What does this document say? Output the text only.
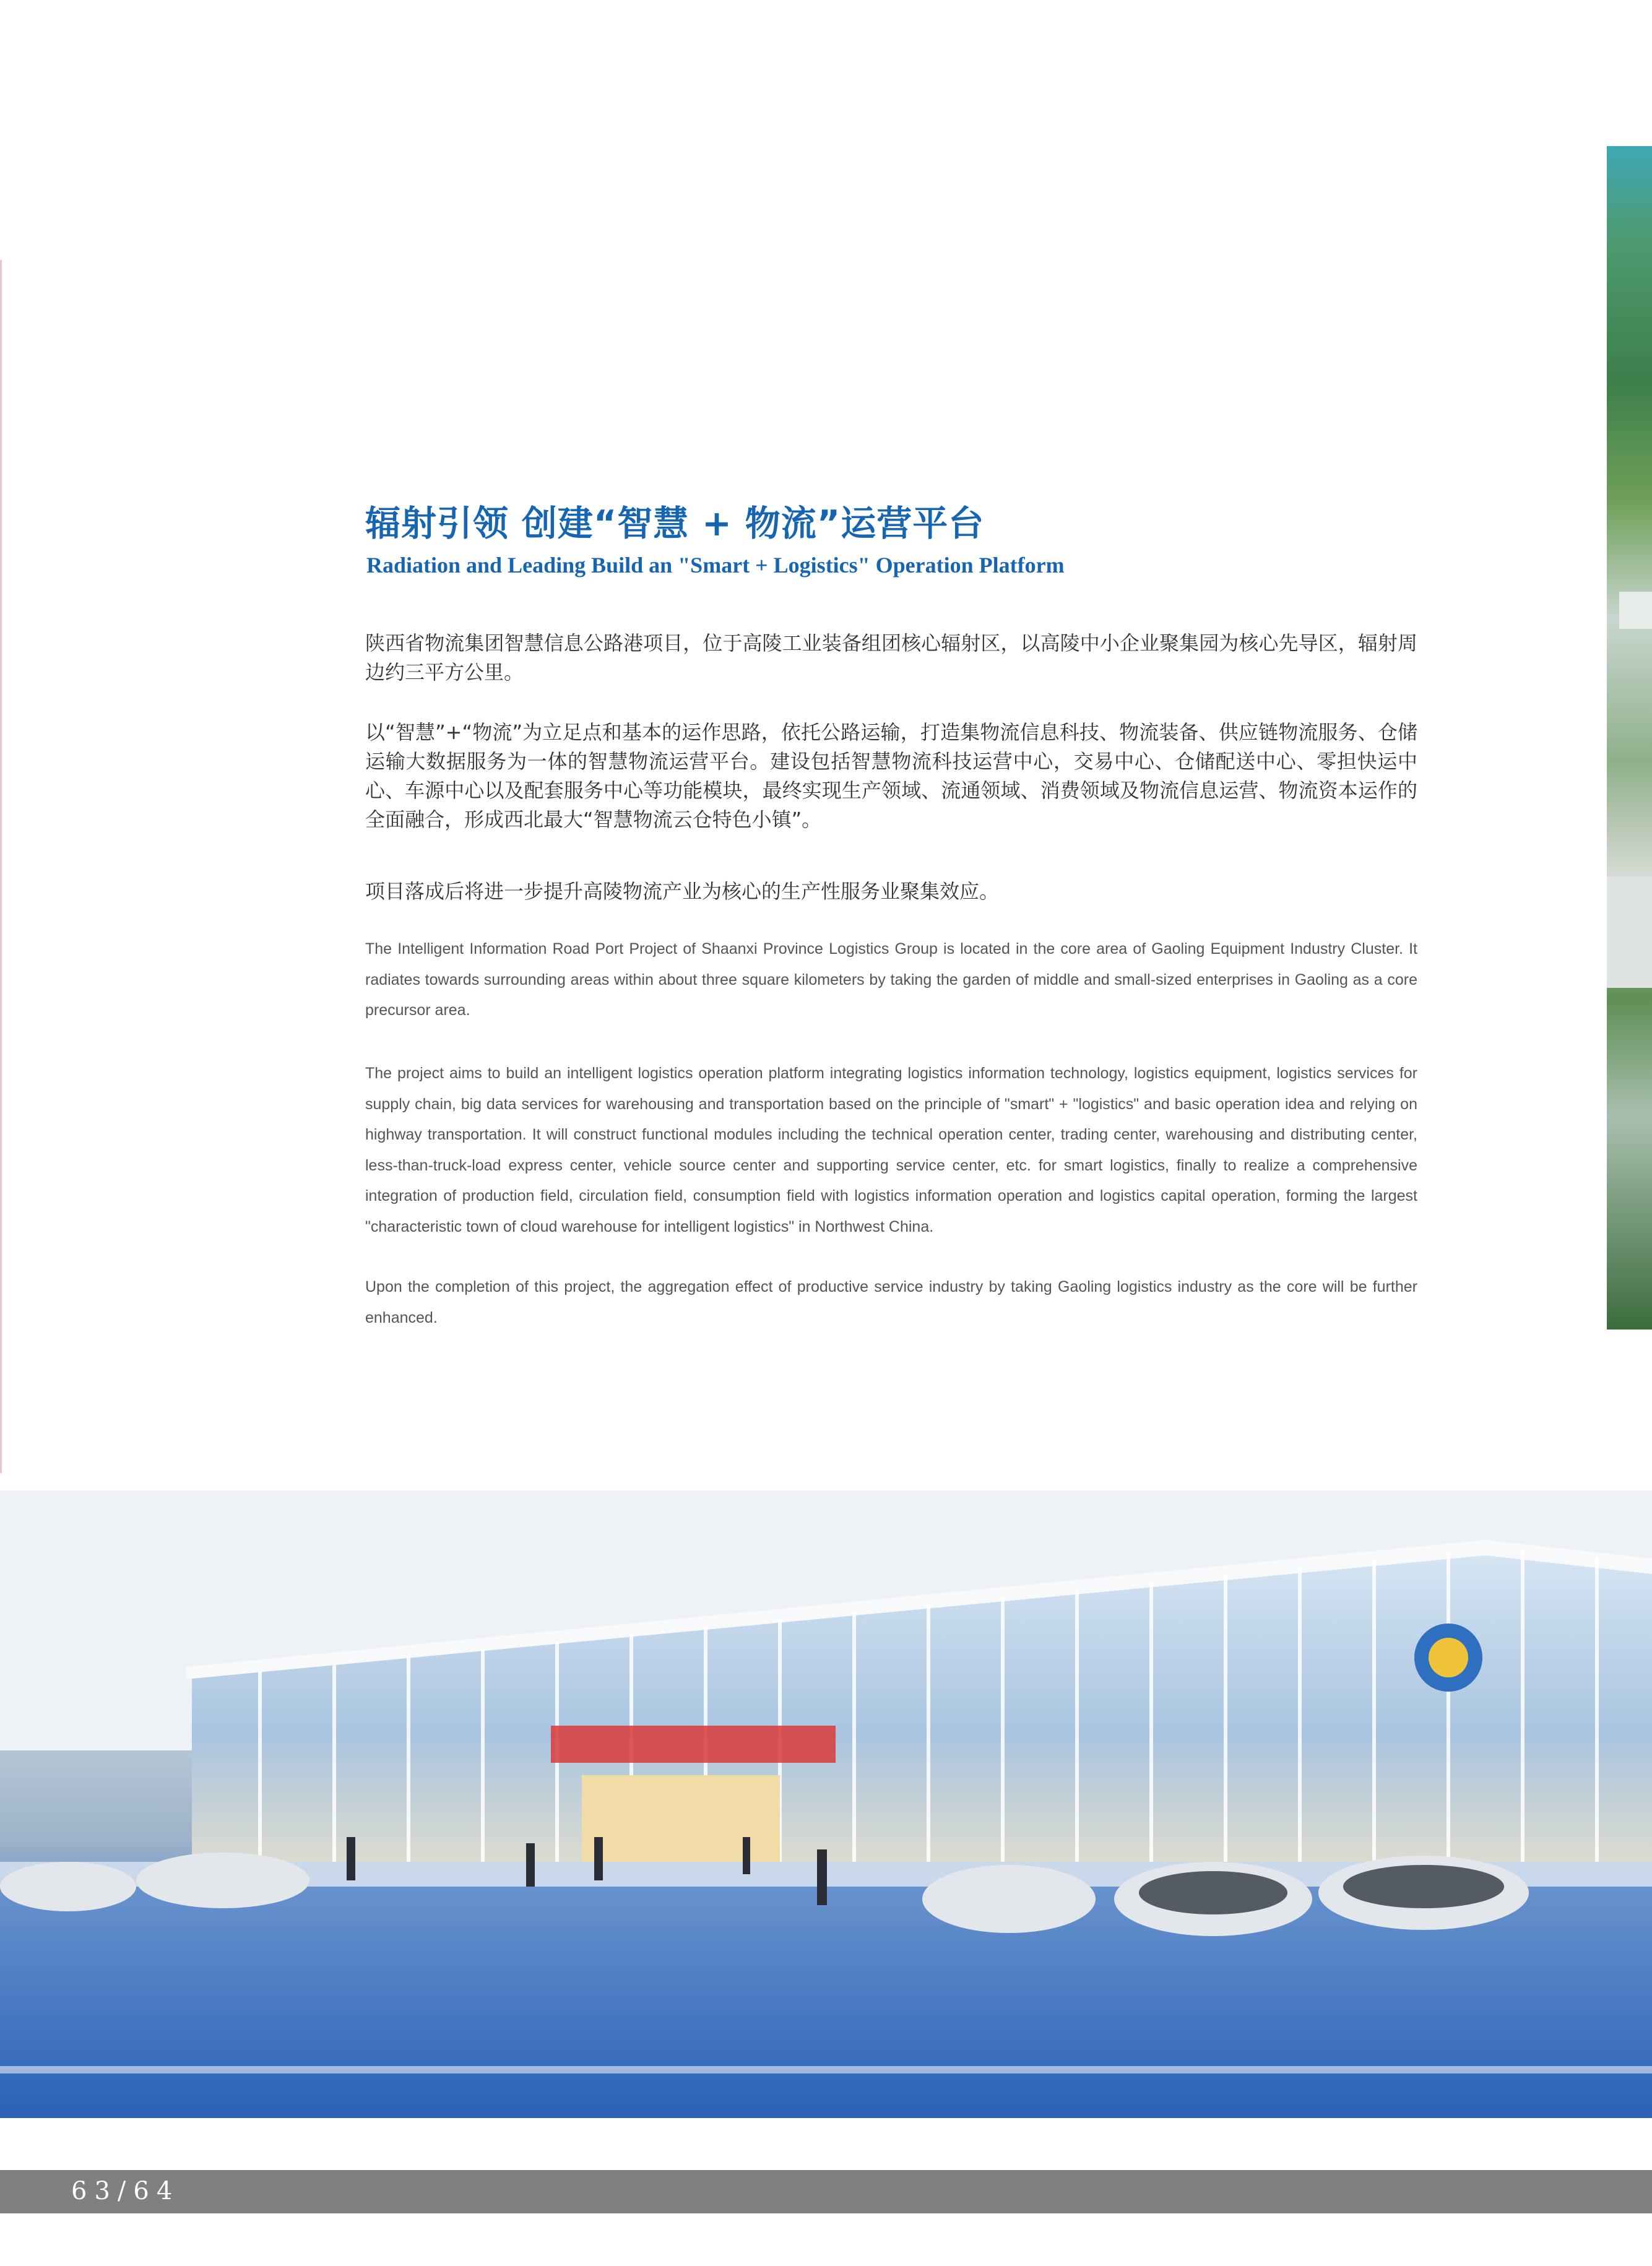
辐射引领 创建“智慧 + 物流”运营平台
Radiation and Leading Build an "Smart + Logistics" Operation Platform

陕西省物流集团智慧信息公路港项目，位于高陵工业装备组团核心辐射区，以高陵中小企业聚集园为核心先导区，辐射周边约三平方公里。

以“智慧”+“物流”为立足点和基本的运作思路，依托公路运输，打造集物流信息科技、物流装备、供应链物流服务、仓储运输大数据服务为一体的智慧物流运营平台。建设包括智慧物流科技运营中心，交易中心、仓储配送中心、零担快运中心、车源中心以及配套服务中心等功能模块，最终实现生产领域、流通领域、消费领域及物流信息运营、物流资本运作的全面融合，形成西北最大“智慧物流云仓特色小镇”。

项目落成后将进一步提升高陵物流产业为核心的生产性服务业聚集效应。

The Intelligent Information Road Port Project of Shaanxi Province Logistics Group is located in the core area of Gaoling Equipment Industry Cluster. It radiates towards surrounding areas within about three square kilometers by taking the garden of middle and small-sized enterprises in Gaoling as a core precursor area.

The project aims to build an intelligent logistics operation platform integrating logistics information technology, logistics equipment, logistics services for supply chain, big data services for warehousing and transportation based on the principle of "smart" + "logistics" and basic operation idea and relying on highway transportation. It will construct functional modules including the technical operation center, trading center, warehousing and distributing center, less-than-truck-load express center, vehicle source center and supporting service center, etc. for smart logistics, finally to realize a comprehensive integration of production field, circulation field, consumption field with logistics information operation and logistics capital operation, forming the largest "characteristic town of cloud warehouse for intelligent logistics" in Northwest China.

Upon the completion of this project, the aggregation effect of productive service industry by taking Gaoling logistics industry as the core will be further enhanced.

63/64
